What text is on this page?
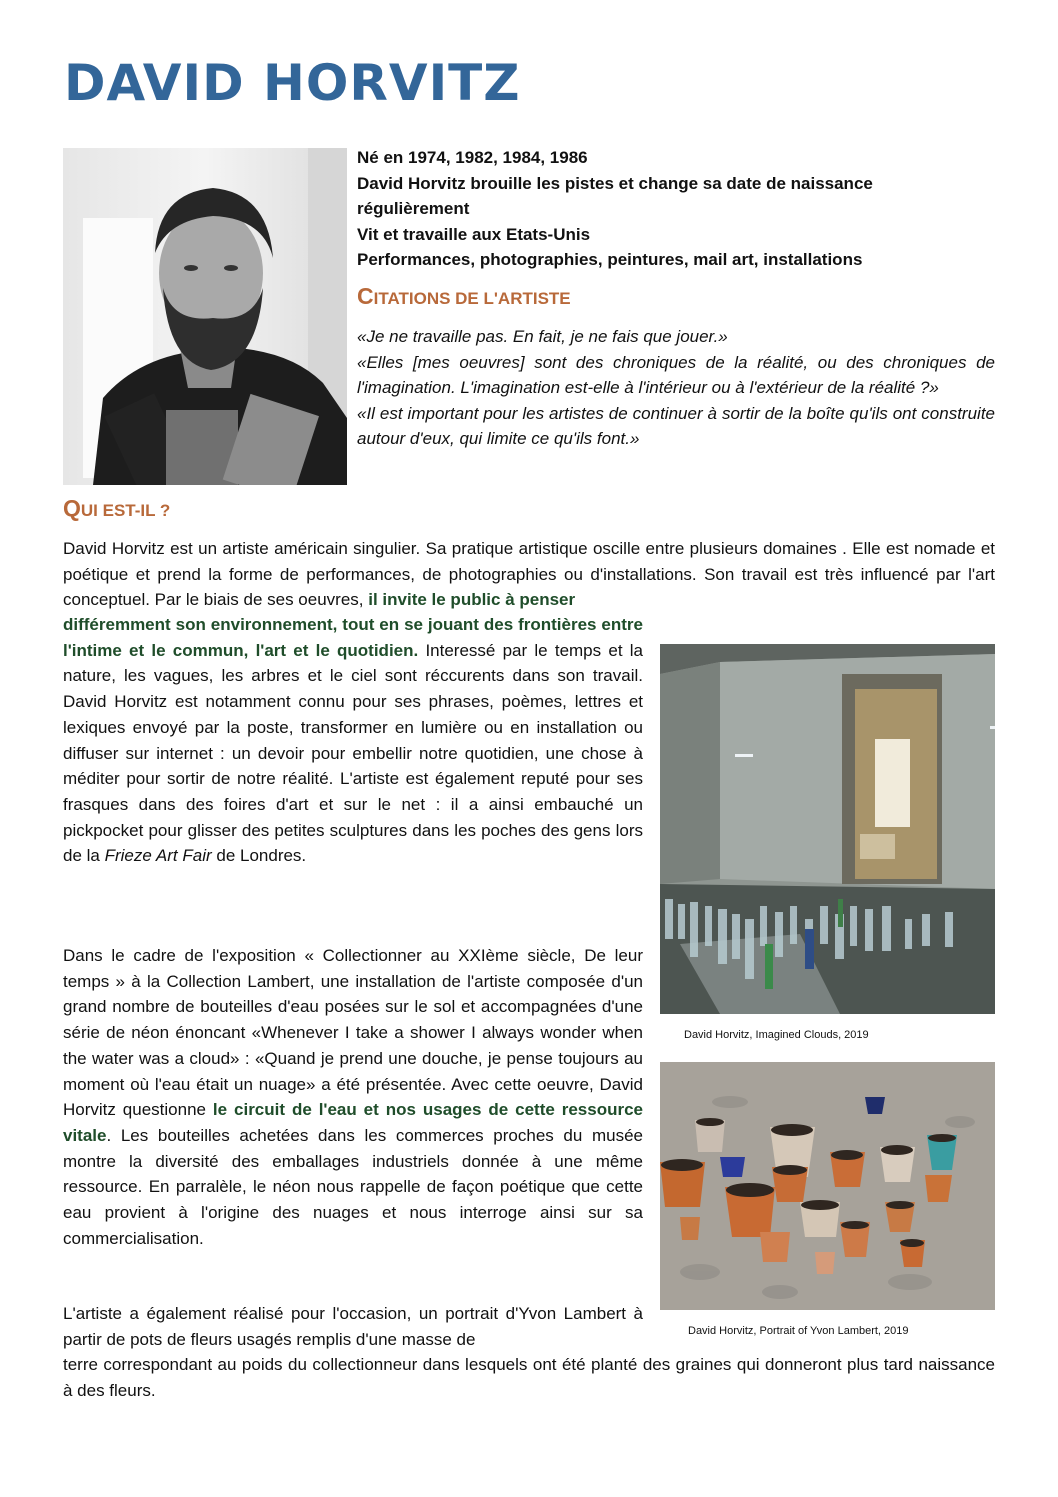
DAVID HORVITZ
Né en 1974, 1982, 1984, 1986
David Horvitz brouille les pistes et change sa date de naissance
régulièrement
Vit et travaille aux Etats-Unis
Performances, photographies, peintures, mail art, installations
CITATIONS DE L'ARTISTE

«Je ne travaille pas. En fait, je ne fais que jouer.»

«Elles [mes oeuvres] sont des chroniques de la réalité, ou des chroniques de l'imagination. L'imagination est-elle à l'intérieur ou à l'extérieur de la réalité ?»

«Il est important pour les artistes de continuer à sortir de la boîte qu'ils ont construite autour d'eux, qui limite ce qu'ils font.»

QUI EST-IL ?
David Horvitz est un artiste américain singulier. Sa pratique artistique oscille entre plusieurs domaines . Elle est nomade et poétique et prend la forme de performances, de photographies ou d'installations. Son travail est très influencé par l'art conceptuel. Par le biais de ses oeuvres, il invite le public à penser
différemment son environnement, tout en se jouant des frontières entre l'intime et le commun, l'art et le quotidien. Interessé par le temps et la nature, les vagues, les arbres et le ciel sont réccurents dans son travail. David Horvitz est notamment connu pour ses phrases, poèmes, lettres et lexiques envoyé par la poste, transformer en lumière ou en installation ou diffuser sur internet : un devoir pour embellir notre quotidien, une chose à méditer pour sortir de notre réalité. L'artiste est également reputé pour ses frasques dans des foires d'art et sur le net : il a ainsi embauché un pickpocket pour glisser des petites sculptures dans les poches des gens lors de la Frieze Art Fair de Londres.
Dans le cadre de l'exposition « Collectionner au XXIème siècle, De leur temps » à la Collection Lambert, une installation de l'artiste composée d'un grand nombre de bouteilles d'eau posées sur le sol et accompagnées d'une série de néon énoncant «Whenever I take a shower I always wonder when the water was a cloud» : «Quand je prend une douche, je pense toujours au moment où l'eau était un nuage» a été présentée. Avec cette oeuvre, David Horvitz questionne le circuit de l'eau et nos usages de cette ressource vitale. Les bouteilles achetées dans les commerces proches du musée montre la diversité des emballages industriels donnée à une même ressource. En parralèle, le néon nous rappelle de façon poétique que cette eau provient à l'origine des nuages et nous interroge ainsi sur sa commercialisation.
L'artiste a également réalisé pour l'occasion, un portrait d'Yvon Lambert à partir de pots de fleurs usagés remplis d'une masse de
terre correspondant au poids du collectionneur dans lesquels ont été planté des graines qui donneront plus tard naissance à des fleurs.
David Horvitz, Imagined Clouds, 2019
David Horvitz, Portrait of Yvon Lambert, 2019
